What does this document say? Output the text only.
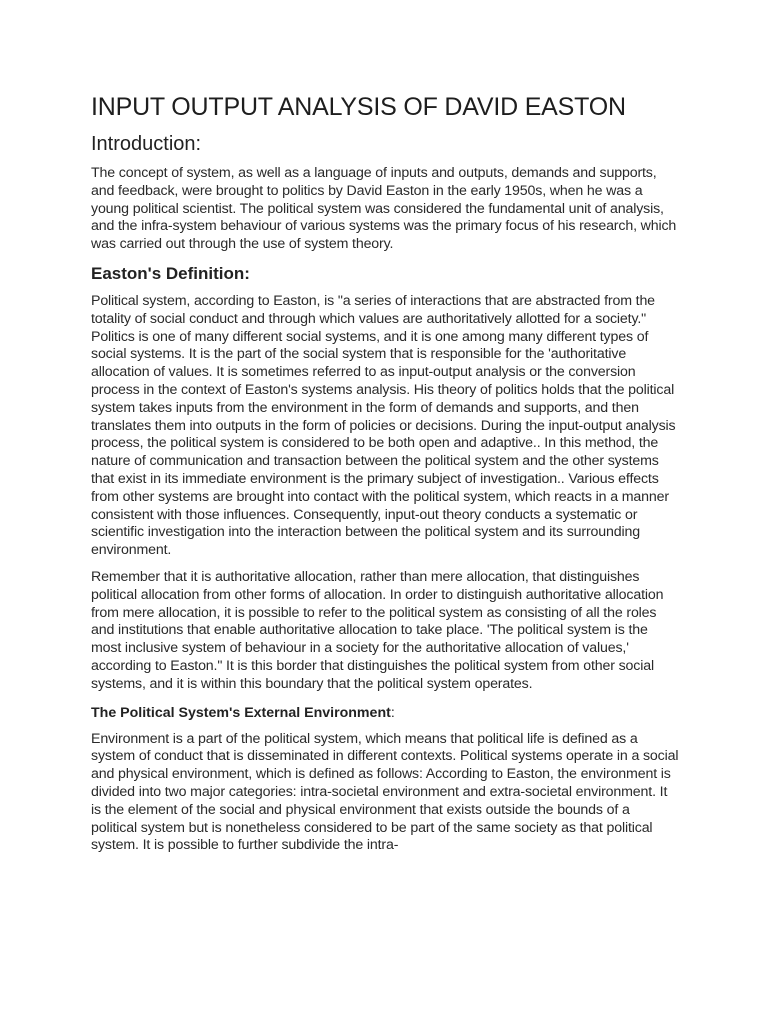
INPUT OUTPUT ANALYSIS OF DAVID EASTON
Introduction:

The concept of system, as well as a language of inputs and outputs, demands and supports, and feedback, were brought to politics by David Easton in the early 1950s, when he was a young political scientist. The political system was considered the fundamental unit of analysis, and the infra-system behaviour of various systems was the primary focus of his research, which was carried out through the use of system theory.

Easton's Definition:

Political system, according to Easton, is "a series of interactions that are abstracted from the totality of social conduct and through which values are authoritatively allotted for a society." Politics is one of many different social systems, and it is one among many different types of social systems. It is the part of the social system that is responsible for the 'authoritative allocation of values. It is sometimes referred to as input-output analysis or the conversion process in the context of Easton's systems analysis. His theory of politics holds that the political system takes inputs from the environment in the form of demands and supports, and then translates them into outputs in the form of policies or decisions. During the input-output analysis process, the political system is considered to be both open and adaptive.. In this method, the nature of communication and transaction between the political system and the other systems that exist in its immediate environment is the primary subject of investigation.. Various effects from other systems are brought into contact with the political system, which reacts in a manner consistent with those influences. Consequently, input-out theory conducts a systematic or scientific investigation into the interaction between the political system and its surrounding environment.

Remember that it is authoritative allocation, rather than mere allocation, that distinguishes political allocation from other forms of allocation. In order to distinguish authoritative allocation from mere allocation, it is possible to refer to the political system as consisting of all the roles and institutions that enable authoritative allocation to take place. 'The political system is the most inclusive system of behaviour in a society for the authoritative allocation of values,' according to Easton." It is this border that distinguishes the political system from other social systems, and it is within this boundary that the political system operates.

The Political System's External Environment:

Environment is a part of the political system, which means that political life is defined as a system of conduct that is disseminated in different contexts. Political systems operate in a social and physical environment, which is defined as follows: According to Easton, the environment is divided into two major categories: intra-societal environment and extra-societal environment. It is the element of the social and physical environment that exists outside the bounds of a political system but is nonetheless considered to be part of the same society as that political system. It is possible to further subdivide the intra-
